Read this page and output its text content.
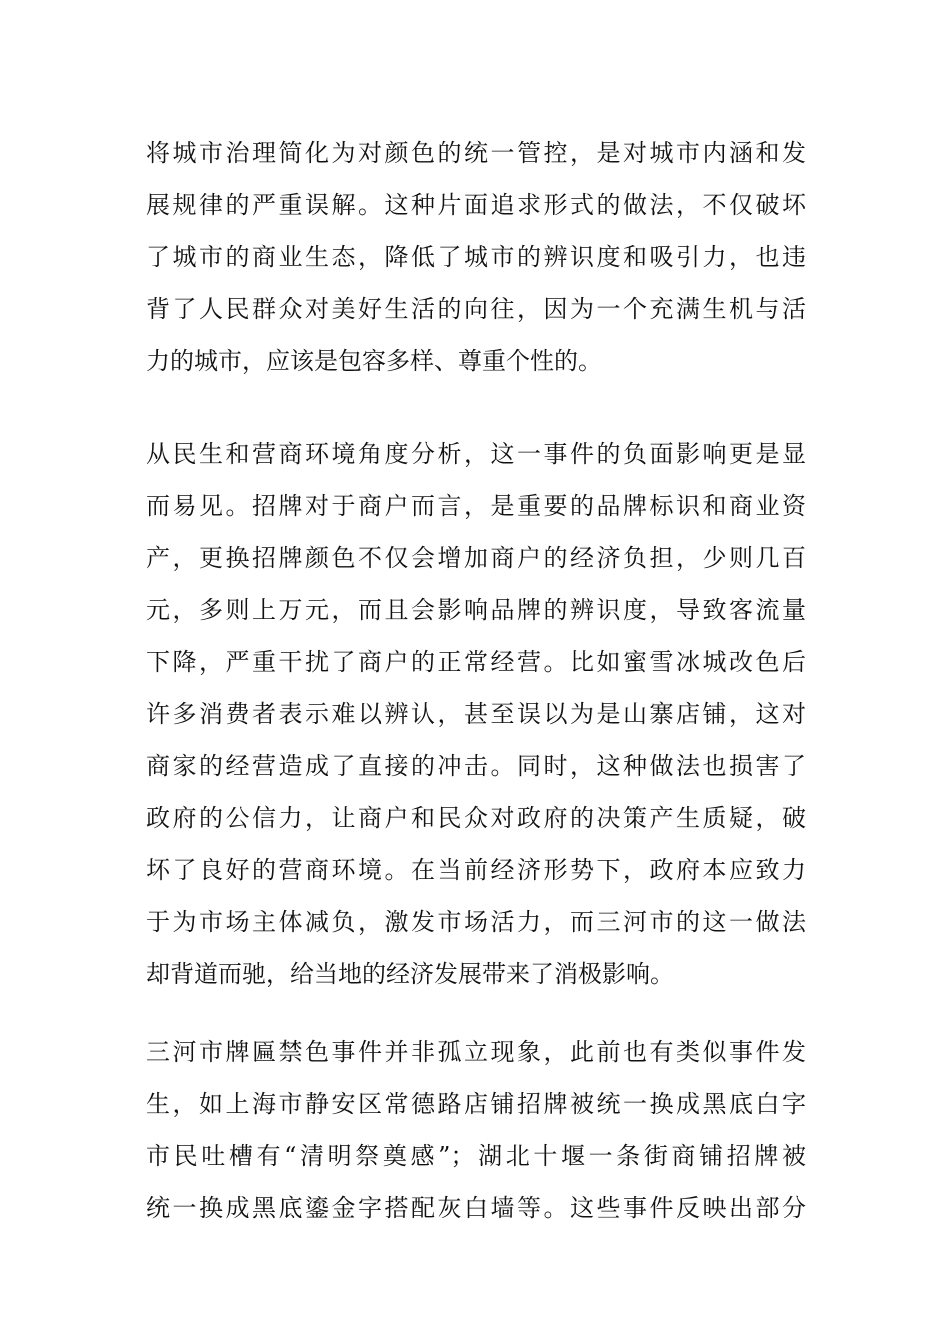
将城市治理简化为对颜色的统一管控，是对城市内涵和发
展规律的严重误解。这种片面追求形式的做法，不仅破坏
了城市的商业生态，降低了城市的辨识度和吸引力，也违
背了人民群众对美好生活的向往，因为一个充满生机与活
力的城市，应该是包容多样、尊重个性的。
从民生和营商环境角度分析，这一事件的负面影响更是显
而易见。招牌对于商户而言，是重要的品牌标识和商业资
产，更换招牌颜色不仅会增加商户的经济负担，少则几百
元，多则上万元，而且会影响品牌的辨识度，导致客流量
下降，严重干扰了商户的正常经营。比如蜜雪冰城改色后
许多消费者表示难以辨认，甚至误以为是山寨店铺，这对
商家的经营造成了直接的冲击。同时，这种做法也损害了
政府的公信力，让商户和民众对政府的决策产生质疑，破
坏了良好的营商环境。在当前经济形势下，政府本应致力
于为市场主体减负，激发市场活力，而三河市的这一做法
却背道而驰，给当地的经济发展带来了消极影响。
三河市牌匾禁色事件并非孤立现象，此前也有类似事件发
生，如上海市静安区常德路店铺招牌被统一换成黑底白字
市民吐槽有“清明祭奠感”；湖北十堰一条街商铺招牌被
统一换成黑底鎏金字搭配灰白墙等。这些事件反映出部分
